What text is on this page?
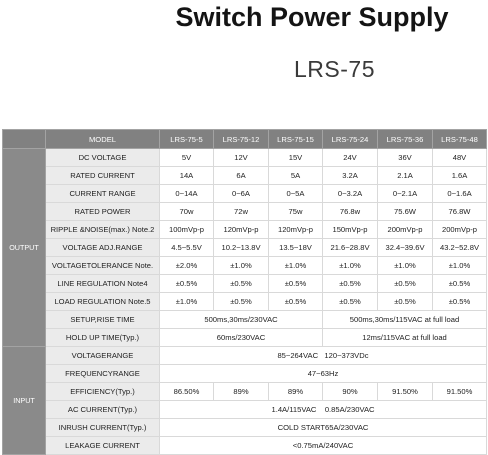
Switch Power Supply
LRS-75
	MODEL	LRS-75-5	LRS-75-12	LRS-75-15	LRS-75-24	LRS-75-36	LRS-75-48
OUTPUT	DC VOLTAGE	5V	12V	15V	24V	36V	48V
	RATED CURRENT	14A	6A	5A	3.2A	2.1A	1.6A
	CURRENT RANGE	0~14A	0~6A	0~5A	0~3.2A	0~2.1A	0~1.6A
	RATED POWER	70w	72w	75w	76.8w	75.6W	76.8W
	RIPPLE &NOISE(max.) Note.2	100mVp-p	120mVp-p	120mVp-p	150mVp-p	200mVp-p	200mVp-p
	VOLTAGE ADJ.RANGE	4.5~5.5V	10.2~13.8V	13.5~18V	21.6~28.8V	32.4~39.6V	43.2~52.8V
	VOLTAGETOLERANCE Note.	±2.0%	±1.0%	±1.0%	±1.0%	±1.0%	±1.0%
	LINE REGULATION Note4	±0.5%	±0.5%	±0.5%	±0.5%	±0.5%	±0.5%
	LOAD REGULATION Note.5	±1.0%	±0.5%	±0.5%	±0.5%	±0.5%	±0.5%
	SETUP,RISE TIME	500ms,30ms/230VAC			500ms,30ms/115VAC at full load		
	HOLD UP TIME(Typ.)	60ms/230VAC			12ms/115VAC at full load		
INPUT	VOLTAGERANGE	85~264VAC 120~373VDc					
	FREQUENCYRANGE	47~63Hz					
	EFFICIENCY(Typ.)	86.50%	89%	89%	90%	91.50%	91.50%
	AC CURRENT(Typ.)	1.4A/115VAC 0.85A/230VAC					
	INRUSH CURRENT(Typ.)	COLD START65A/230VAC					
	LEAKAGE CURRENT	<0.75mA/240VAC					
